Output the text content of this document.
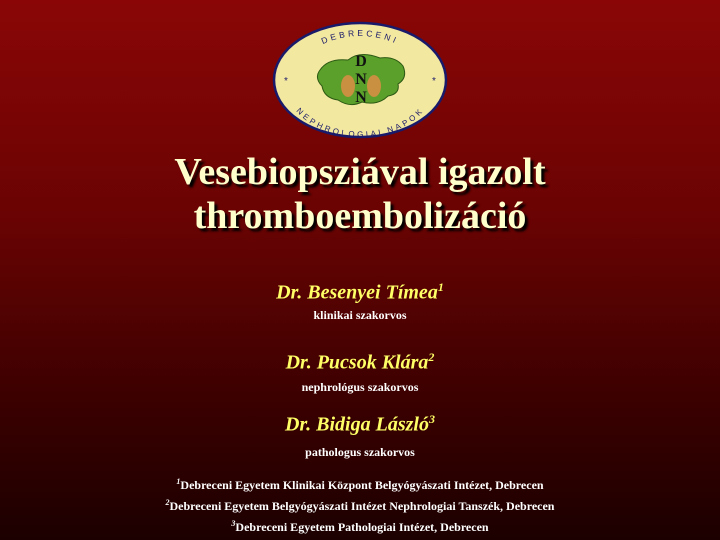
D
N
N
DEBRECENI
NEPHROLOGIAI NAPOK
*	*
Vesebiopsziával igazolt
thromboembolizáció
Dr. Besenyei Tímea$^1$
klinikai szakorvos
Dr. Pucsok Klára$^2$
nephrológus szakorvos
Dr. Bidiga László$^3$
pathologus szakorvos
$^1$Debreceni Egyetem Klinikai Központ Belgyógyászati Intézet, Debrecen
$^2$Debreceni Egyetem Belgyógyászati Intézet Nephrologiai Tanszék, Debrecen
$^3$Debreceni Egyetem Pathologiai Intézet, Debrecen
